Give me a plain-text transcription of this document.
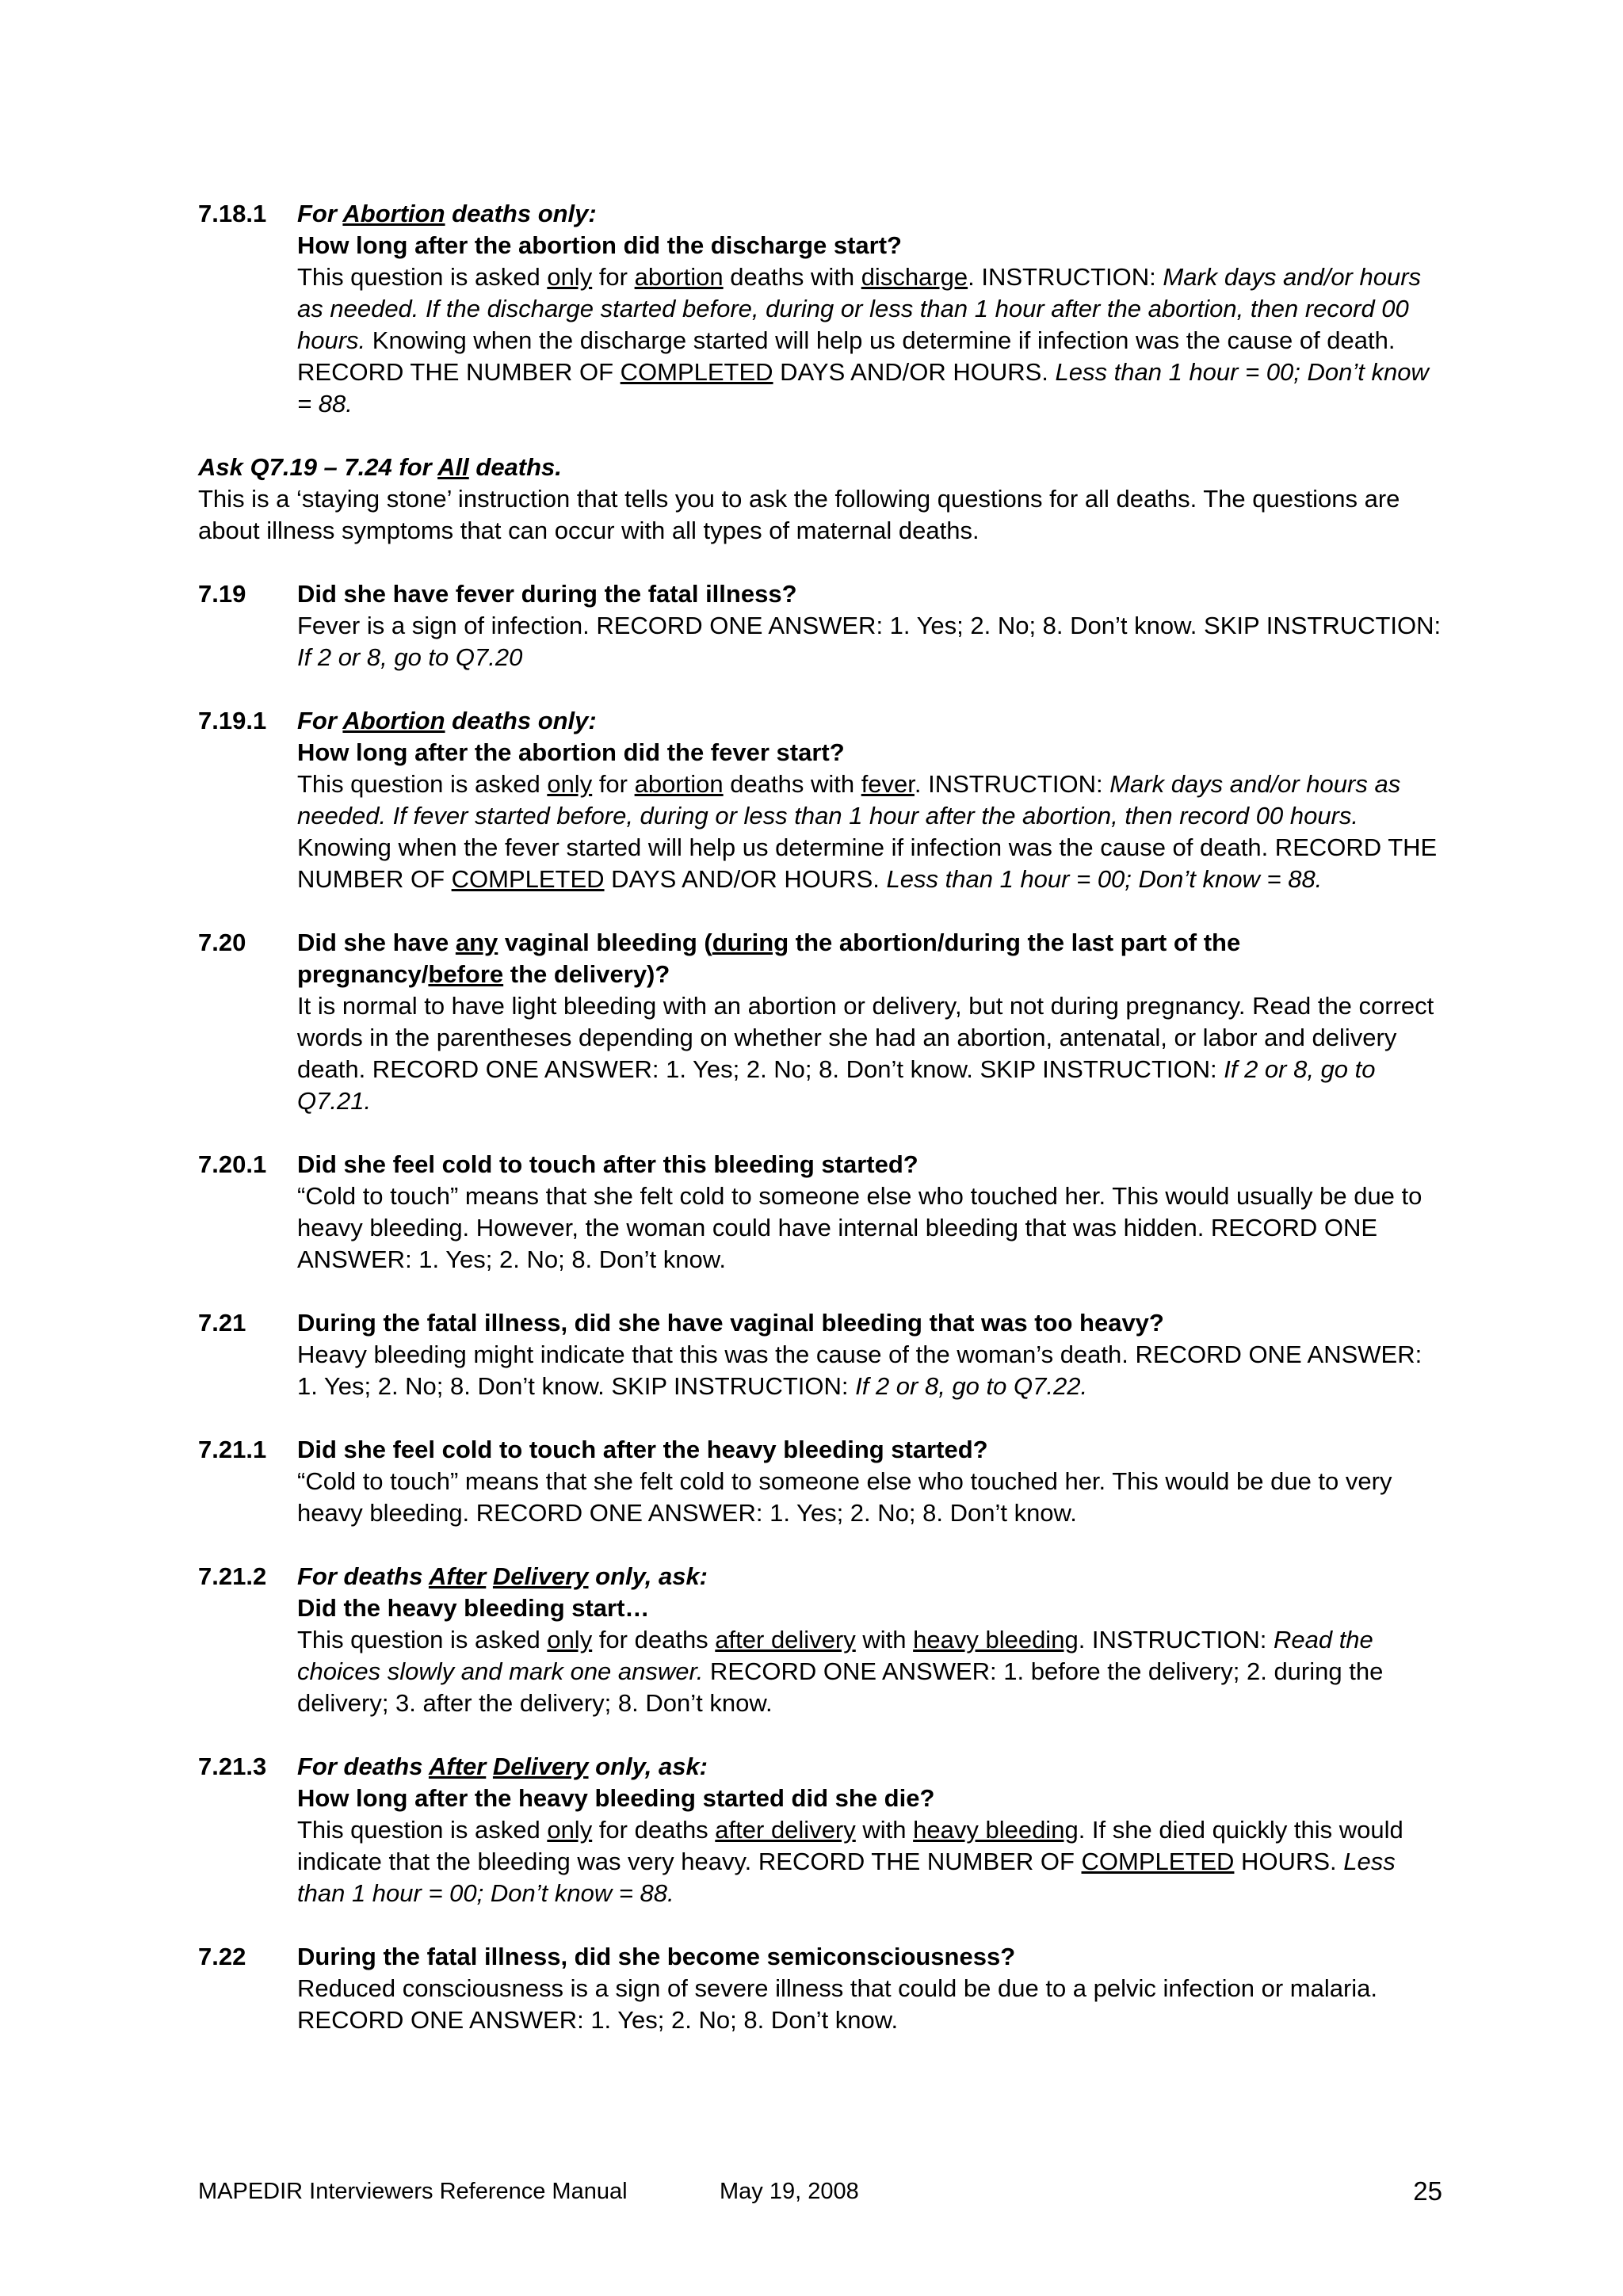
7.18.1	For Abortion deaths only:
How long after the abortion did the discharge start?
This question is asked only for abortion deaths with discharge. INSTRUCTION: Mark days and/or hours as needed. If the discharge started before, during or less than 1 hour after the abortion, then record 00 hours. Knowing when the discharge started will help us determine if infection was the cause of death. RECORD THE NUMBER OF COMPLETED DAYS AND/OR HOURS. Less than 1 hour = 00; Don’t know = 88.
Ask Q7.19 – 7.24 for All deaths.
This is a ‘staying stone’ instruction that tells you to ask the following questions for all deaths. The questions are about illness symptoms that can occur with all types of maternal deaths.
7.19	Did she have fever during the fatal illness?
Fever is a sign of infection. RECORD ONE ANSWER: 1. Yes; 2. No; 8. Don’t know. SKIP INSTRUCTION: If 2 or 8, go to Q7.20
7.19.1	For Abortion deaths only:
How long after the abortion did the fever start?
This question is asked only for abortion deaths with fever. INSTRUCTION: Mark days and/or hours as needed. If fever started before, during or less than 1 hour after the abortion, then record 00 hours. Knowing when the fever started will help us determine if infection was the cause of death. RECORD THE NUMBER OF COMPLETED DAYS AND/OR HOURS. Less than 1 hour = 00; Don’t know = 88.
7.20	Did she have any vaginal bleeding (during the abortion/during the last part of the pregnancy/before the delivery)?
It is normal to have light bleeding with an abortion or delivery, but not during pregnancy. Read the correct words in the parentheses depending on whether she had an abortion, antenatal, or labor and delivery death. RECORD ONE ANSWER: 1. Yes; 2. No; 8. Don’t know. SKIP INSTRUCTION: If 2 or 8, go to Q7.21.
7.20.1	Did she feel cold to touch after this bleeding started?
“Cold to touch” means that she felt cold to someone else who touched her. This would usually be due to heavy bleeding. However, the woman could have internal bleeding that was hidden. RECORD ONE ANSWER: 1. Yes; 2. No; 8. Don’t know.
7.21	During the fatal illness, did she have vaginal bleeding that was too heavy?
Heavy bleeding might indicate that this was the cause of the woman’s death. RECORD ONE ANSWER: 1. Yes; 2. No; 8. Don’t know. SKIP INSTRUCTION: If 2 or 8, go to Q7.22.
7.21.1	Did she feel cold to touch after the heavy bleeding started?
“Cold to touch” means that she felt cold to someone else who touched her. This would be due to very heavy bleeding. RECORD ONE ANSWER: 1. Yes; 2. No; 8. Don’t know.
7.21.2	For deaths After Delivery only, ask:
Did the heavy bleeding start…
This question is asked only for deaths after delivery with heavy bleeding. INSTRUCTION: Read the choices slowly and mark one answer. RECORD ONE ANSWER: 1. before the delivery; 2. during the delivery; 3. after the delivery; 8. Don’t know.
7.21.3	For deaths After Delivery only, ask:
How long after the heavy bleeding started did she die?
This question is asked only for deaths after delivery with heavy bleeding. If she died quickly this would indicate that the bleeding was very heavy. RECORD THE NUMBER OF COMPLETED HOURS. Less than 1 hour = 00; Don’t know = 88.
7.22	During the fatal illness, did she become semiconsciousness?
Reduced consciousness is a sign of severe illness that could be due to a pelvic infection or malaria. RECORD ONE ANSWER: 1. Yes; 2. No; 8. Don’t know.
MAPEDIR Interviewers Reference Manual	May 19, 2008	25
